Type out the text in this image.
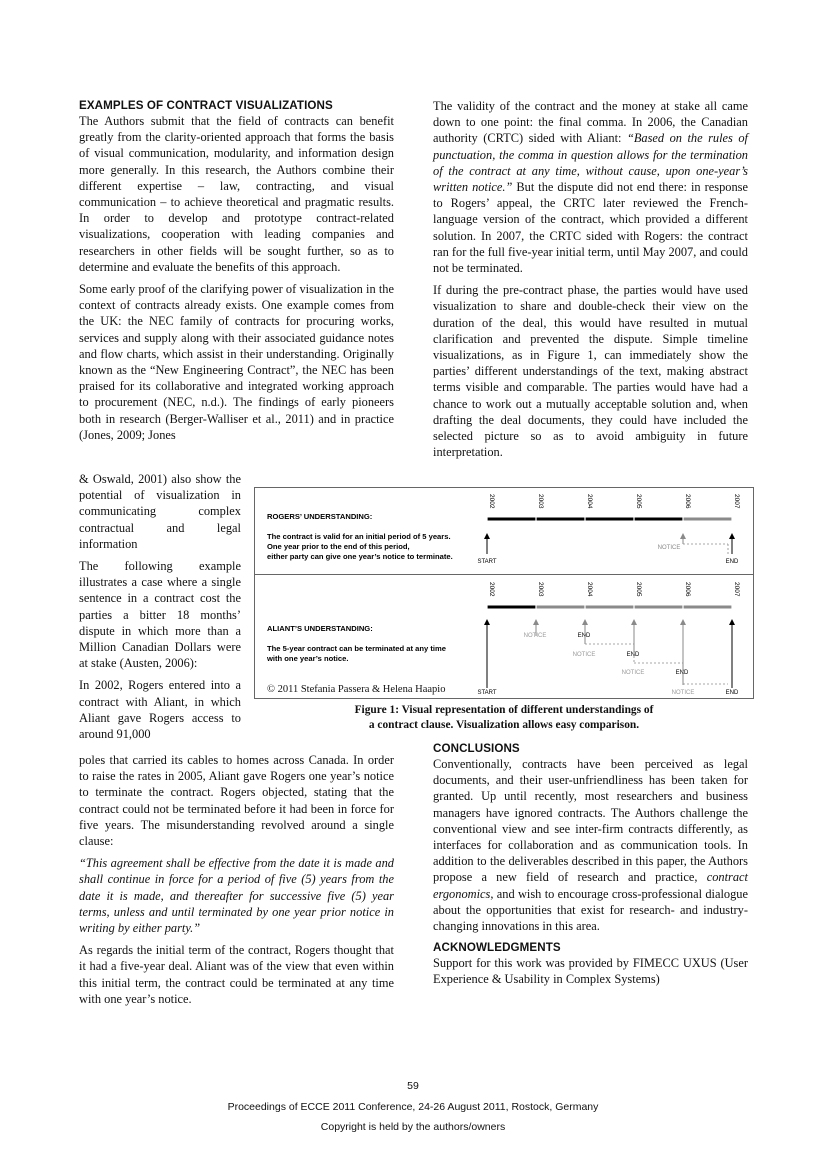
EXAMPLES OF CONTRACT VISUALIZATIONS

The Authors submit that the field of contracts can benefit greatly from the clarity-oriented approach that forms the basis of visual communication, modularity, and information design more generally. In this research, the Authors combine their different expertise – law, contracting, and visual communication – to achieve theoretical and pragmatic results. In order to develop and prototype contract-related visualizations, cooperation with leading companies and researchers in other fields will be sought further, so as to determine and evaluate the benefits of this approach.

Some early proof of the clarifying power of visualization in the context of contracts already exists. One example comes from the UK: the NEC family of contracts for procuring works, services and supply along with their associated guidance notes and flow charts, which assist in their understanding. Originally known as the “New Engineering Contract”, the NEC has been praised for its collaborative and integrated working approach to procurement (NEC, n.d.). The findings of early pioneers both in research (Berger-Walliser et al., 2011) and in practice (Jones, 2009; Jones

& Oswald, 2001) also show the potential of visualization in communicating complex contractual and legal information

The following example illustrates a case where a single sentence in a contract cost the parties a bitter 18 months’ dispute in which more than a Million Canadian Dollars were at stake (Austen, 2006):

In 2002, Rogers entered into a contract with Aliant, in which Aliant gave Rogers access to around 91,000

poles that carried its cables to homes across Canada. In order to raise the rates in 2005, Aliant gave Rogers one year’s notice to terminate the contract. Rogers objected, stating that the contract could not be terminated before it had been in force for five years. The misunderstanding revolved around a single clause:

“This agreement shall be effective from the date it is made and shall continue in force for a period of five (5) years from the date it is made, and thereafter for successive five (5) year terms, unless and until terminated by one year prior notice in writing by either party.”

As regards the initial term of the contract, Rogers thought that it had a five-year deal. Aliant was of the view that even within this initial term, the contract could be terminated at any time with one year’s notice.

The validity of the contract and the money at stake all came down to one point: the final comma. In 2006, the Canadian authority (CRTC) sided with Aliant: “Based on the rules of punctuation, the comma in question allows for the termination of the contract at any time, without cause, upon one-year’s written notice.” But the dispute did not end there: in response to Rogers’ appeal, the CRTC later reviewed the French-language version of the contract, which provided a different solution. In 2007, the CRTC sided with Rogers: the contract ran for the full five-year initial term, until May 2007, and could not be terminated.

If during the pre-contract phase, the parties would have used visualization to share and double-check their view on the duration of the deal, this would have resulted in mutual clarification and prevented the dispute. Simple timeline visualizations, as in Figure 1, can immediately show the parties’ different understandings of the text, making abstract terms visible and comparable. The parties would have had a chance to work out a mutually acceptable solution and, when drafting the deal documents, they could have included the selected picture so as to avoid ambiguity in future interpretation.

CONCLUSIONS

Conventionally, contracts have been perceived as legal documents, and their user-unfriendliness has been taken for granted. Up until recently, most researchers and business managers have ignored contracts. The Authors challenge the conventional view and see inter-firm contracts differently, as interfaces for collaboration and as communication tools. In addition to the deliverables described in this paper, the Authors propose a new field of research and practice, contract ergonomics, and wish to encourage cross-professional dialogue about the opportunities that exist for research- and industry-changing innovations in this area.

ACKNOWLEDGMENTS

Support for this work was provided by FIMECC UXUS (User Experience & Usability in Complex Systems)

ROGERS’ UNDERSTANDING:

The contract is valid for an initial period of 5 years.
One year prior to the end of this period,
either party can give one year’s notice to terminate.
ALIANT’S UNDERSTANDING:

The 5-year contract can be terminated at any time
with one year’s notice.
2002	2003	2004	2005	2006	2007
NOTICE
START	END
2002	2003	2004	2005	2006	2007
NOTICE	END
NOTICE	END
NOTICE	END
START	NOTICE	END
© 2011 Stefania Passera & Helena Haapio
Figure 1: Visual representation of different understandings of
a contract clause. Visualization allows easy comparison.
59
Proceedings of ECCE 2011 Conference, 24-26 August 2011, Rostock, Germany
Copyright is held by the authors/owners
